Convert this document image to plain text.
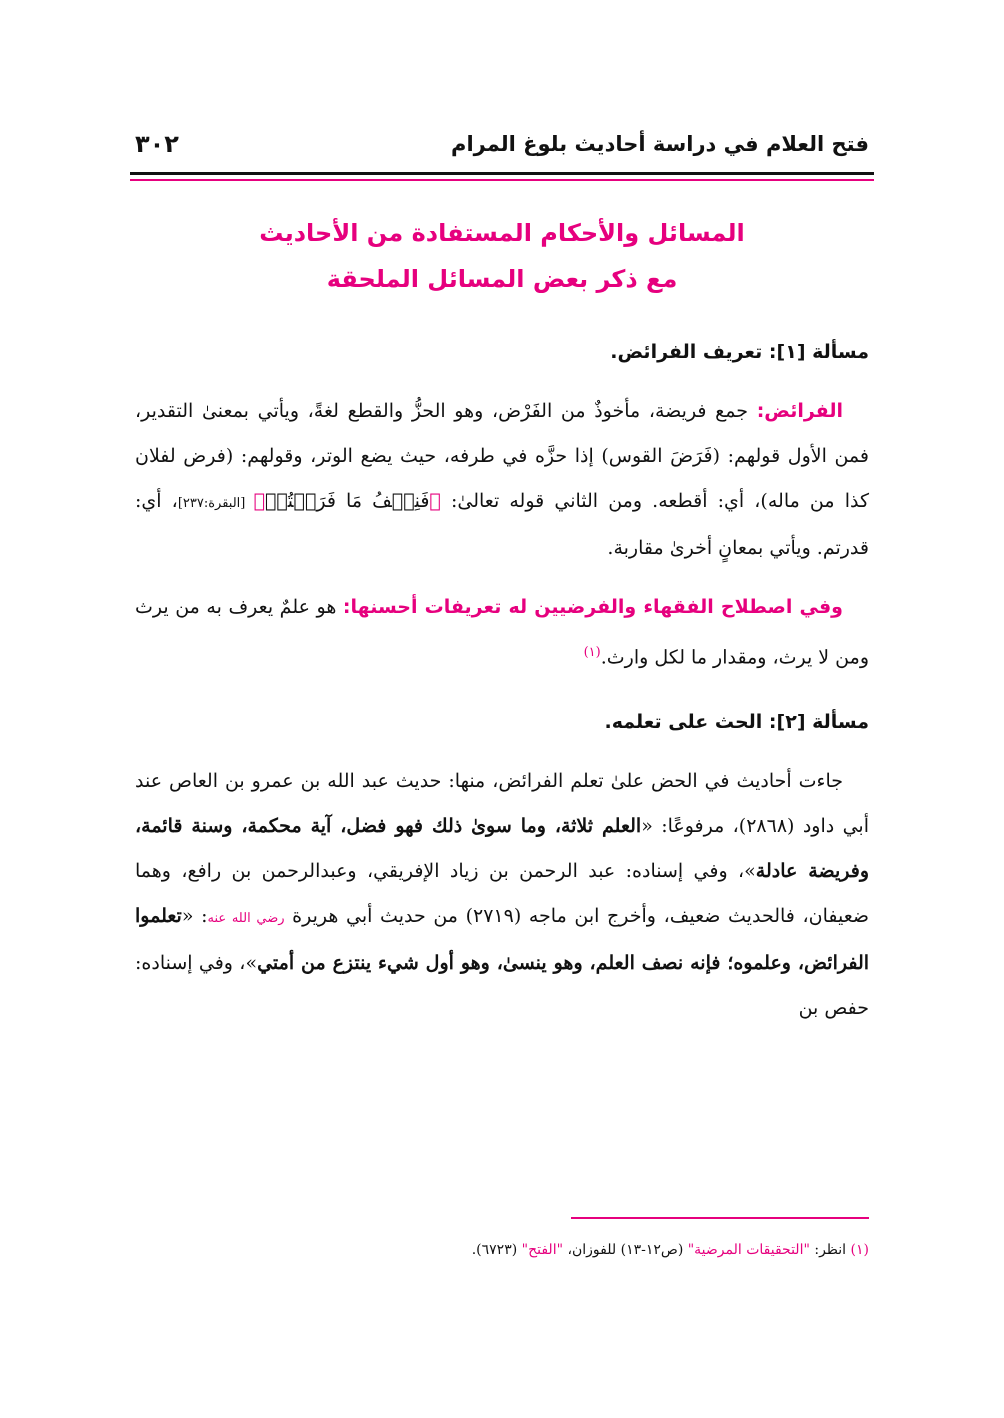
فتح العلام في دراسة أحاديث بلوغ المرام
٣٠٢
المسائل والأحكام المستفادة من الأحاديث
مع ذكر بعض المسائل الملحقة

مسألة [١]: تعريف الفرائض.

الفرائض: جمع فريضة، مأخوذٌ من الفَرْض، وهو الحزُّ والقطع لغةً، ويأتي بمعنىٰ التقدير، فمن الأول قولهم: (فَرَضَ القوس) إذا حزَّه في طرفه، حيث يضع الوتر، وقولهم: (فرض لفلان كذا من ماله)، أي: أقطعه. ومن الثاني قوله تعالىٰ: ﴿فَنِصۡفُ مَا فَرَضۡتُمۡ﴾ [البقرة:٢٣٧]، أي: قدرتم. ويأتي بمعانٍ أخرىٰ مقاربة.

وفي اصطلاح الفقهاء والفرضيين له تعريفات أحسنها: هو علمٌ يعرف به من يرث ومن لا يرث، ومقدار ما لكل وارث.$^{(١)}$

مسألة [٢]: الحث على تعلمه.

جاءت أحاديث في الحض علىٰ تعلم الفرائض، منها: حديث عبد الله بن عمرو بن العاص عند أبي داود (٢٨٦٨)، مرفوعًا: «العلم ثلاثة، وما سوىٰ ذلك فهو فضل، آية محكمة، وسنة قائمة، وفريضة عادلة»، وفي إسناده: عبد الرحمن بن زياد الإفريقي، وعبدالرحمن بن رافع، وهما ضعيفان، فالحديث ضعيف، وأخرج ابن ماجه (٢٧١٩) من حديث أبي هريرة رضي الله عنه: «تعلموا الفرائض، وعلموه؛ فإنه نصف العلم، وهو ينسىٰ، وهو أول شيء ينتزع من أمتي»، وفي إسناده: حفص بن

(١) انظر: "التحقيقات المرضية" (ص١٢-١٣) للفوزان، "الفتح" (٦٧٢٣).
